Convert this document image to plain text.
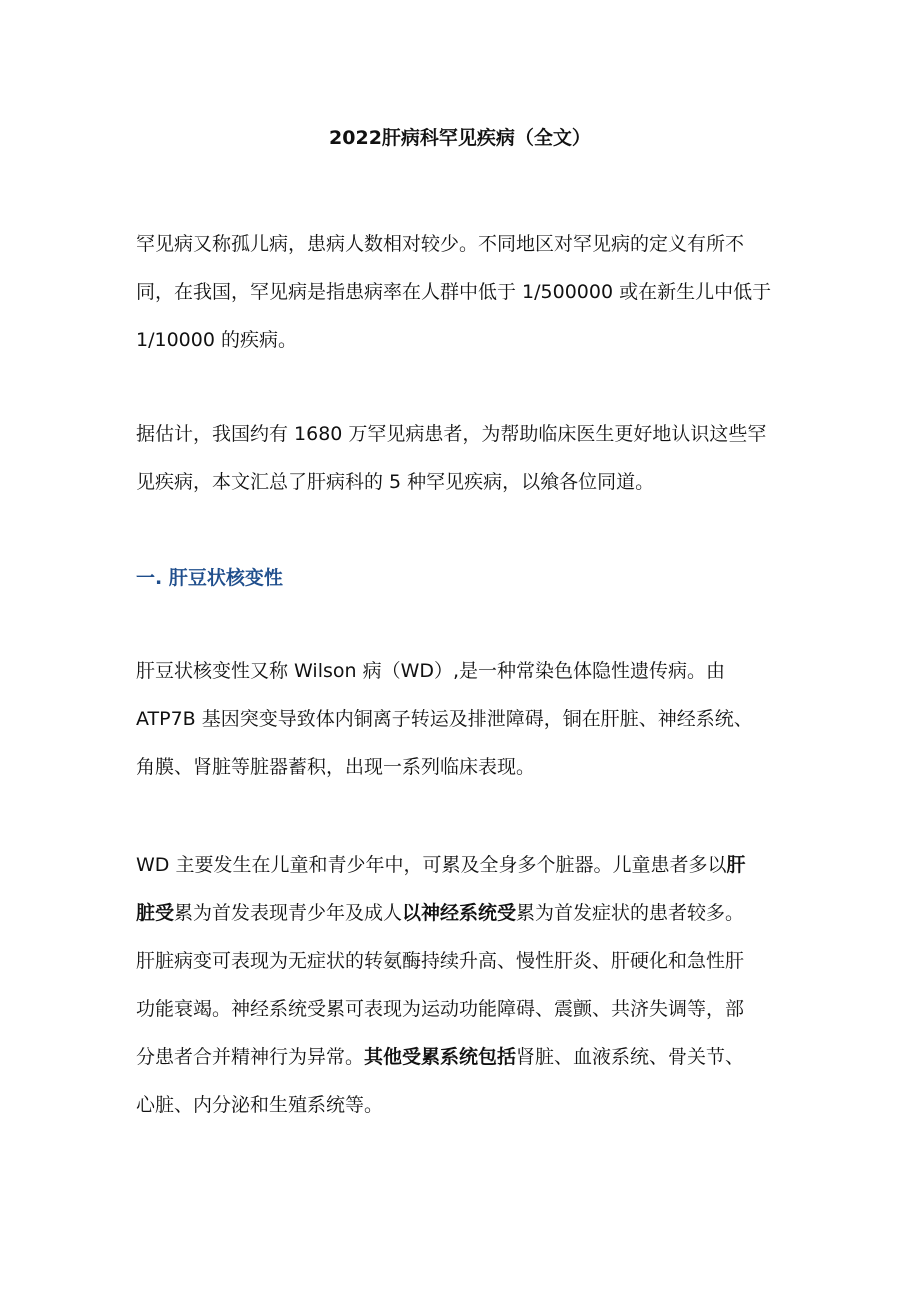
2022肝病科罕见疾病（全文）
罕见病又称孤儿病，患病人数相对较少。不同地区对罕见病的定义有所不
同，在我国，罕见病是指患病率在人群中低于 1/500000 或在新生儿中低于
1/10000 的疾病。
据估计，我国约有 1680 万罕见病患者，为帮助临床医生更好地认识这些罕
见疾病，本文汇总了肝病科的 5 种罕见疾病，以飨各位同道。
一. 肝豆状核变性
肝豆状核变性又称 Wilson 病（WD）,是一种常染色体隐性遗传病。由
ATP7B 基因突变导致体内铜离子转运及排泄障碍，铜在肝脏、神经系统、
角膜、肾脏等脏器蓄积，出现一系列临床表现。
WD 主要发生在儿童和青少年中，可累及全身多个脏器。儿童患者多以肝
脏受累为首发表现青少年及成人以神经系统受累为首发症状的患者较多。
肝脏病变可表现为无症状的转氨酶持续升高、慢性肝炎、肝硬化和急性肝
功能衰竭。神经系统受累可表现为运动功能障碍、震颤、共济失调等，部
分患者合并精神行为异常。其他受累系统包括肾脏、血液系统、骨关节、
心脏、内分泌和生殖系统等。
